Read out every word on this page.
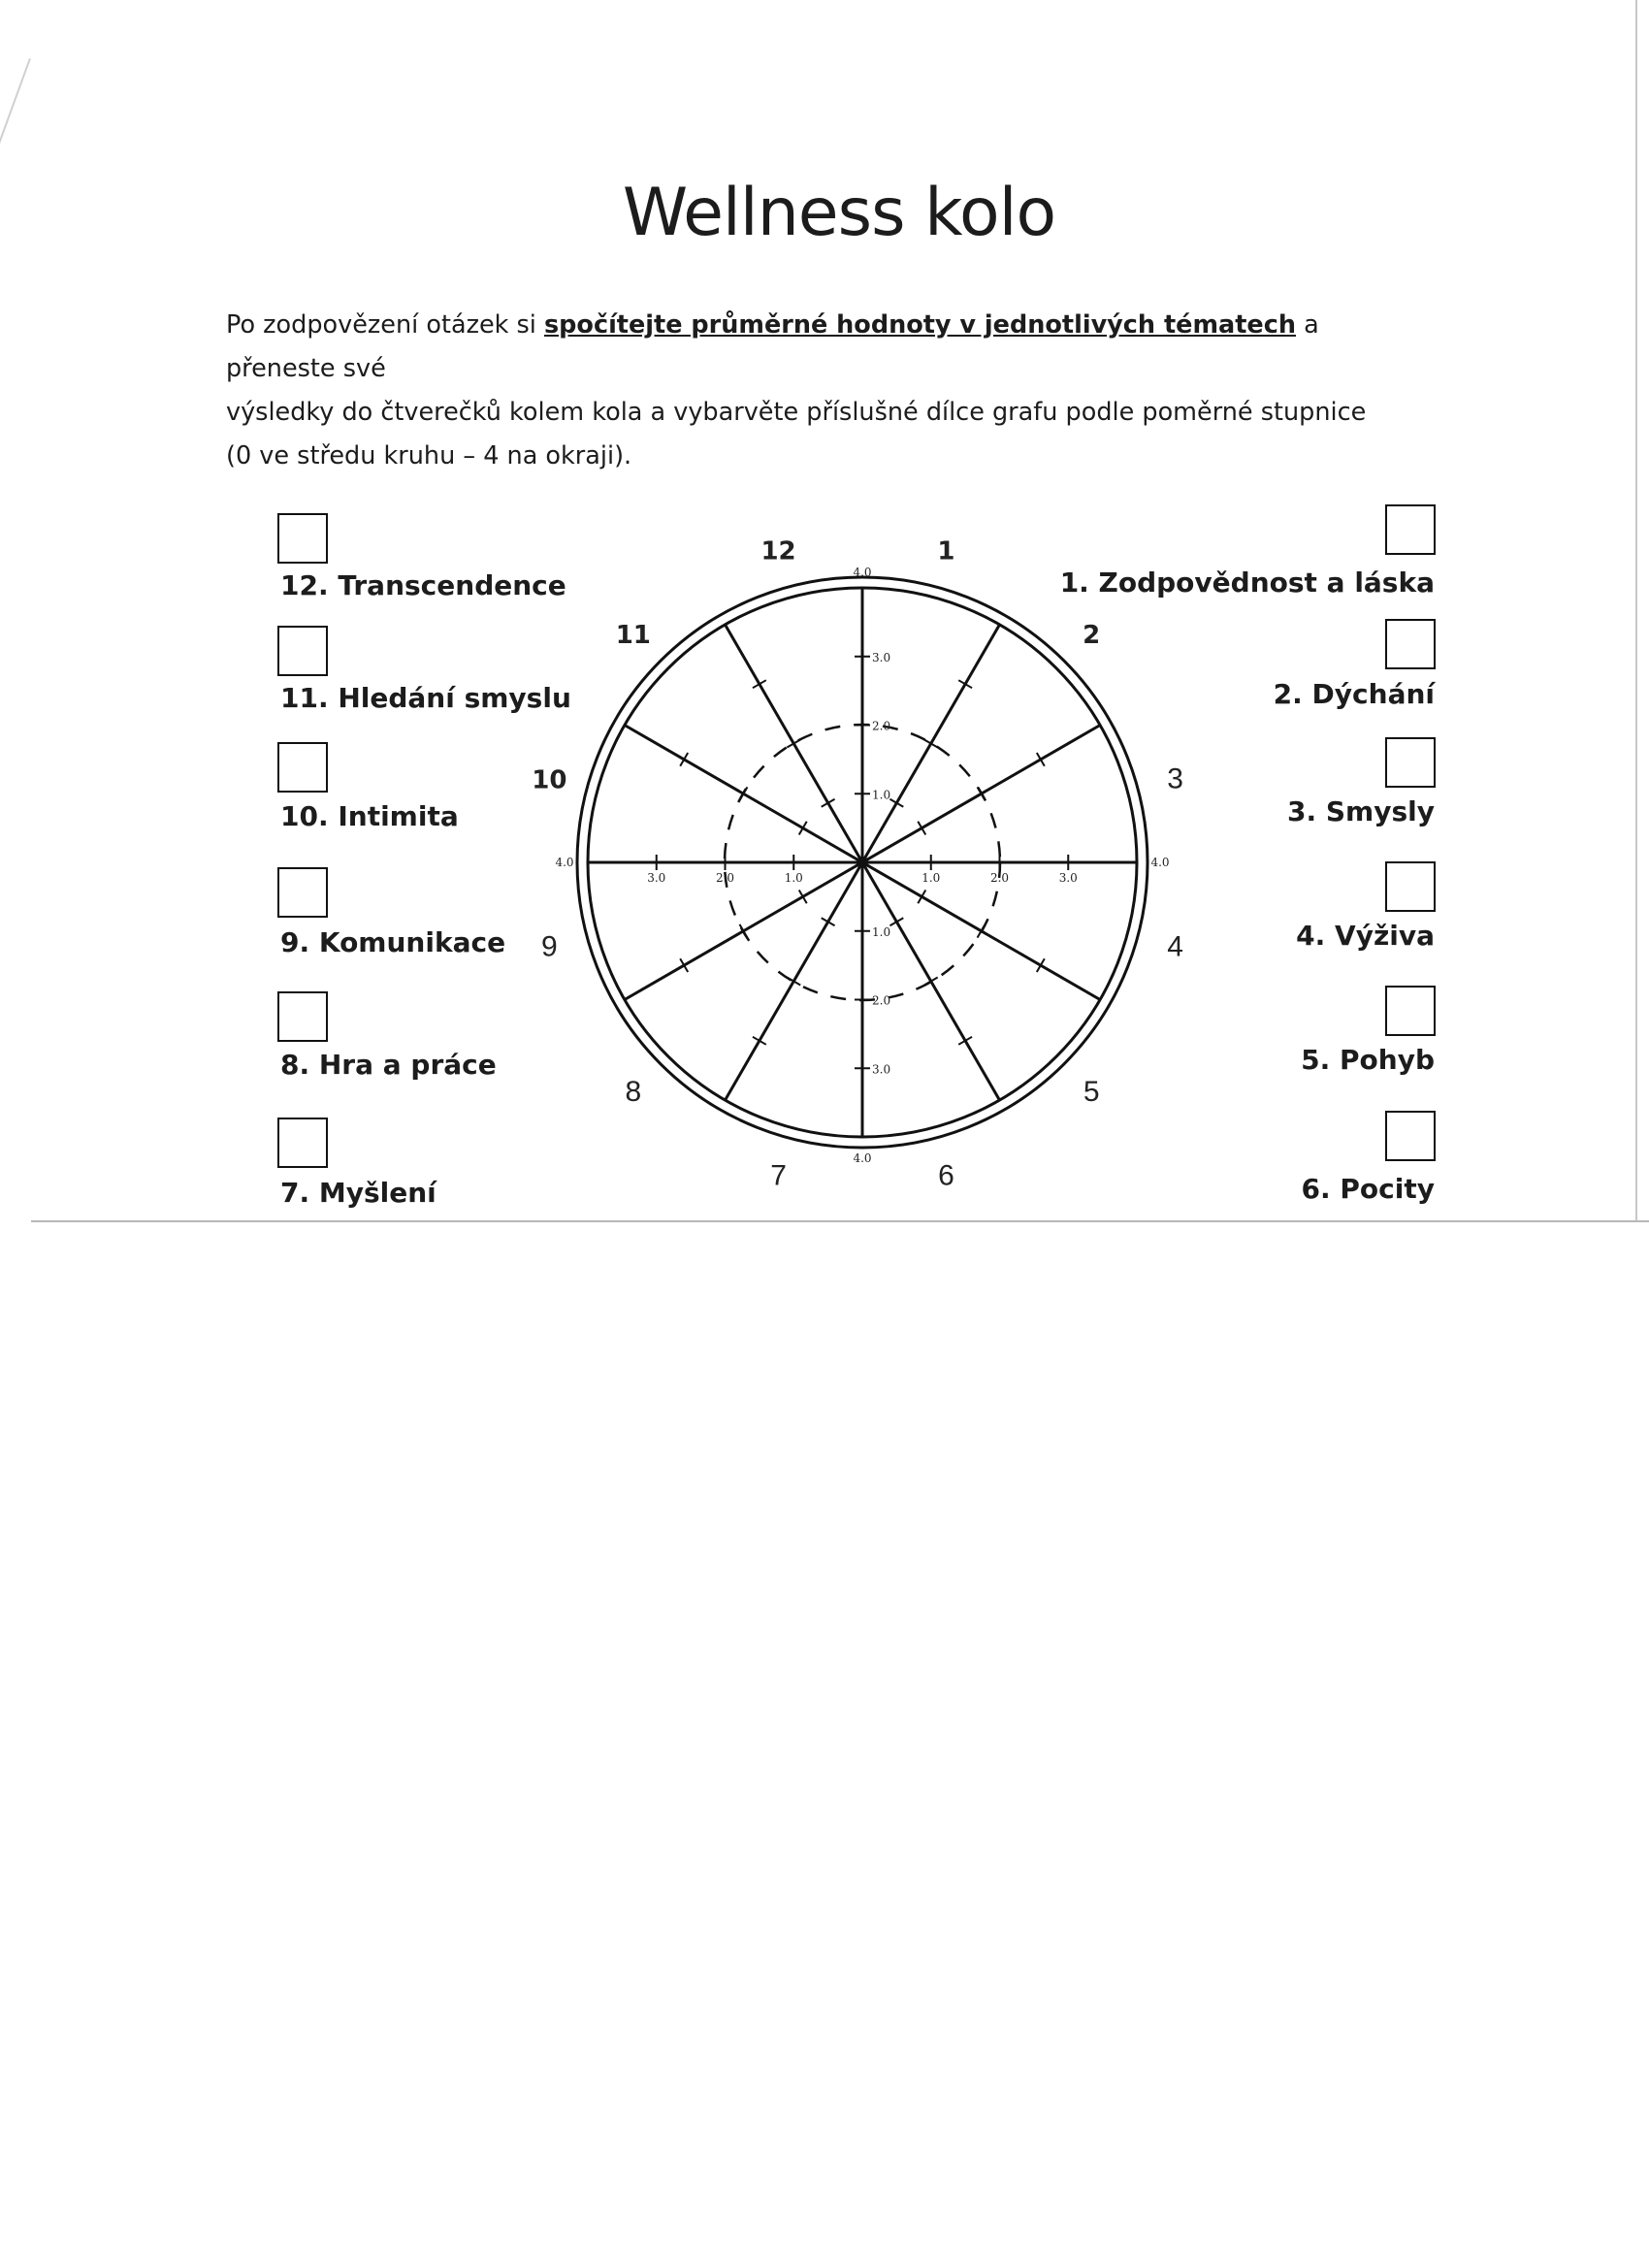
Wellness kolo
Po zodpovězení otázek si spočítejte průměrné hodnoty v jednotlivých tématech a přeneste své
výsledky do čtverečků kolem kola a vybarvěte příslušné dílce grafu podle poměrné stupnice
(0 ve středu kruhu – 4 na okraji).
12. Transcendence
11. Hledání smyslu
10. Intimita
9. Komunikace
8. Hra a práce
7. Myšlení
1. Zodpovědnost a láska
2. Dýchání
3. Smysly
4. Výživa
5. Pohyb
6. Pocity
1.0
1.0
1.0	1.0
2.0
2.0
2.0	2.0
3.0
3.0
3.0	3.0
4.0
4.0
4.0	4.0
1
2
3
4
5
6
7
8
9
10
11
12
